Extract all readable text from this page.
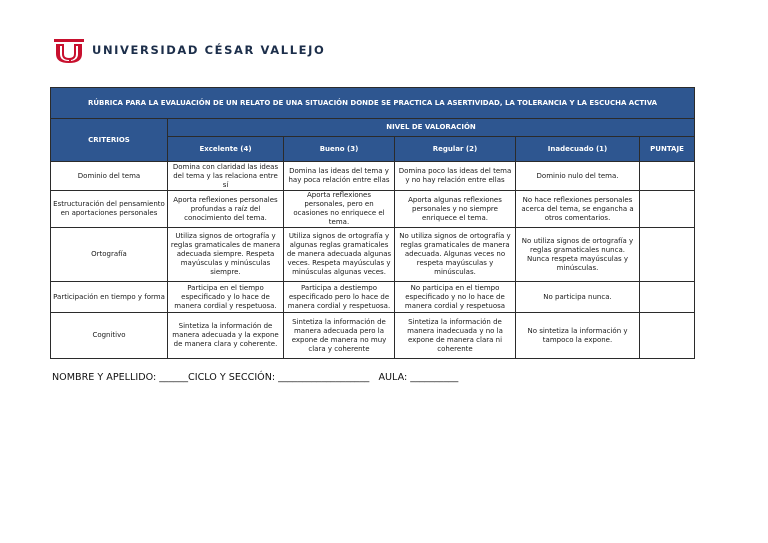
UNIVERSIDAD CÉSAR VALLEJO
RÚBRICA PARA LA EVALUACIÓN DE UN RELATO DE UNA SITUACIÓN DONDE SE PRACTICA LA ASERTIVIDAD, LA TOLERANCIA Y LA ESCUCHA ACTIVA					
CRITERIOS	NIVEL DE VALORACIÓN				
	Excelente (4)	Bueno (3)	Regular (2)	Inadecuado (1)	PUNTAJE
Dominio del tema	Domina con claridad las ideas del tema y las relaciona entre sí	Domina las ideas del tema y hay poca relación entre ellas	Domina poco las ideas del tema y no hay relación entre ellas	Dominio nulo del tema.	
Estructuración del pensamiento en aportaciones personales	Aporta reflexiones personales profundas a raíz del conocimiento del tema.	Aporta reflexiones personales, pero en ocasiones no enriquece el tema.	Aporta algunas reflexiones personales y no siempre enriquece el tema.	No hace reflexiones personales acerca del tema, se engancha a otros comentarios.	
Ortografía	Utiliza signos de ortografía y reglas gramaticales de manera adecuada siempre. Respeta mayúsculas y minúsculas siempre.	Utiliza signos de ortografía y algunas reglas gramaticales de manera adecuada algunas veces. Respeta mayúsculas y minúsculas algunas veces.	No utiliza signos de ortografía y reglas gramaticales de manera adecuada. Algunas veces no respeta mayúsculas y minúsculas.	No utiliza signos de ortografía y reglas gramaticales nunca. Nunca respeta mayúsculas y minúsculas.	
Participación en tiempo y forma	Participa en el tiempo especificado y lo hace de manera cordial y respetuosa.	Participa a destiempo especificado pero lo hace de manera cordial y respetuosa.	No participa en el tiempo especificado y no lo hace de manera cordial y respetuosa	No participa nunca.	
Cognitivo	Sintetiza la información de manera adecuada y la expone de manera clara y coherente.	Sintetiza la información de manera adecuada pero la expone de manera no muy clara y coherente	Sintetiza la información de manera inadecuada y no la expone de manera clara ni coherente	No sintetiza la información y tampoco la expone.	
NOMBRE Y APELLIDO: ______CICLO Y SECCIÓN: ___________________   AULA: __________
